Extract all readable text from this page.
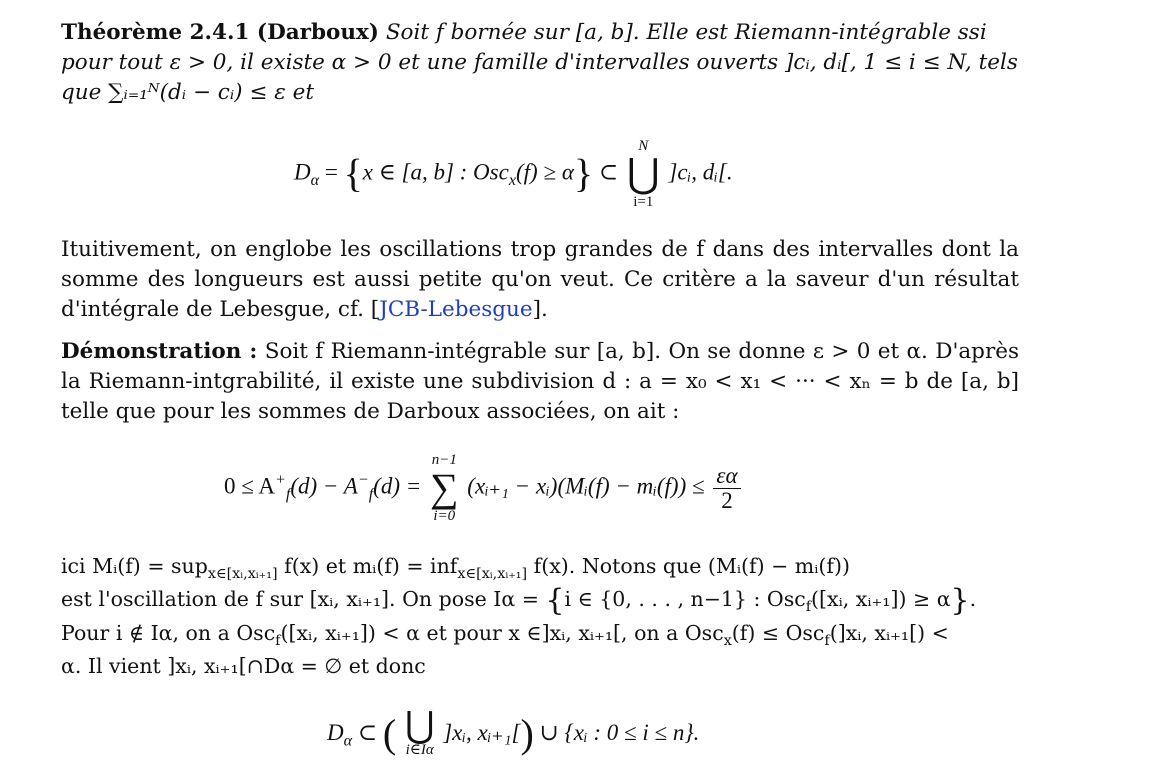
Théorème 2.4.1 (Darboux) Soit f bornée sur [a, b]. Elle est Riemann-intégrable ssi
pour tout ε > 0, il existe α > 0 et une famille d'intervalles ouverts ]cᵢ, dᵢ[, 1 ≤ i ≤ N, tels
que ∑ᵢ₌₁ᴺ(dᵢ − cᵢ) ≤ ε et
$D_\alpha = \{x$ ∈ [a, b] : Osc$_x$(f) ≥ α} ⊂
N
⋃
i=1
]cᵢ, dᵢ[.
Ituitivement, on englobe les oscillations trop grandes de f dans des intervalles dont la somme des longueurs est aussi petite qu'on veut. Ce critère a la saveur d'un résultat d'intégrale de Lebesgue, cf. [JCB-Lebesgue].
Démonstration : Soit f Riemann-intégrable sur [a, b]. On se donne ε > 0 et α. D'après la Riemann-intgrabilité, il existe une subdivision d : a = x₀ < x₁ < ··· < xₙ = b de [a, b] telle que pour les sommes de Darboux associées, on ait :
$0 \le A^+_f(d) - A^-_f(d)$ =
n−1
∑
i=0
(xᵢ₊₁ − xᵢ)(Mᵢ(f) − mᵢ(f)) ≤ $\frac{\varepsilon\alpha}{2}$
ici Mᵢ(f) = sup$_{x\in[xᵢ,xᵢ_{+1}]}$ f(x) et mᵢ(f) = inf$_{x\in[xᵢ,xᵢ_{+1}]}$ f(x). Notons que (Mᵢ(f) − mᵢ(f))
est l'oscillation de f sur [xᵢ, xᵢ₊₁]. On pose Iα = {i ∈ {0, . . . , n−1} : Osc$_f$([xᵢ, xᵢ₊₁]) ≥ α}.
Pour i ∉ Iα, on a Osc$_f$([xᵢ, xᵢ₊₁]) < α et pour x ∈]xᵢ, xᵢ₊₁[, on a Osc$_x$(f) ≤ Osc$_f$(]xᵢ, xᵢ₊₁[) <
α. Il vient ]xᵢ, xᵢ₊₁[∩Dα = ∅ et donc
$D_\alpha$ ⊂ ( ⋃
i∈Iα
]xᵢ, xᵢ₊₁[) ∪ {xᵢ : 0 ≤ i ≤ n}.
